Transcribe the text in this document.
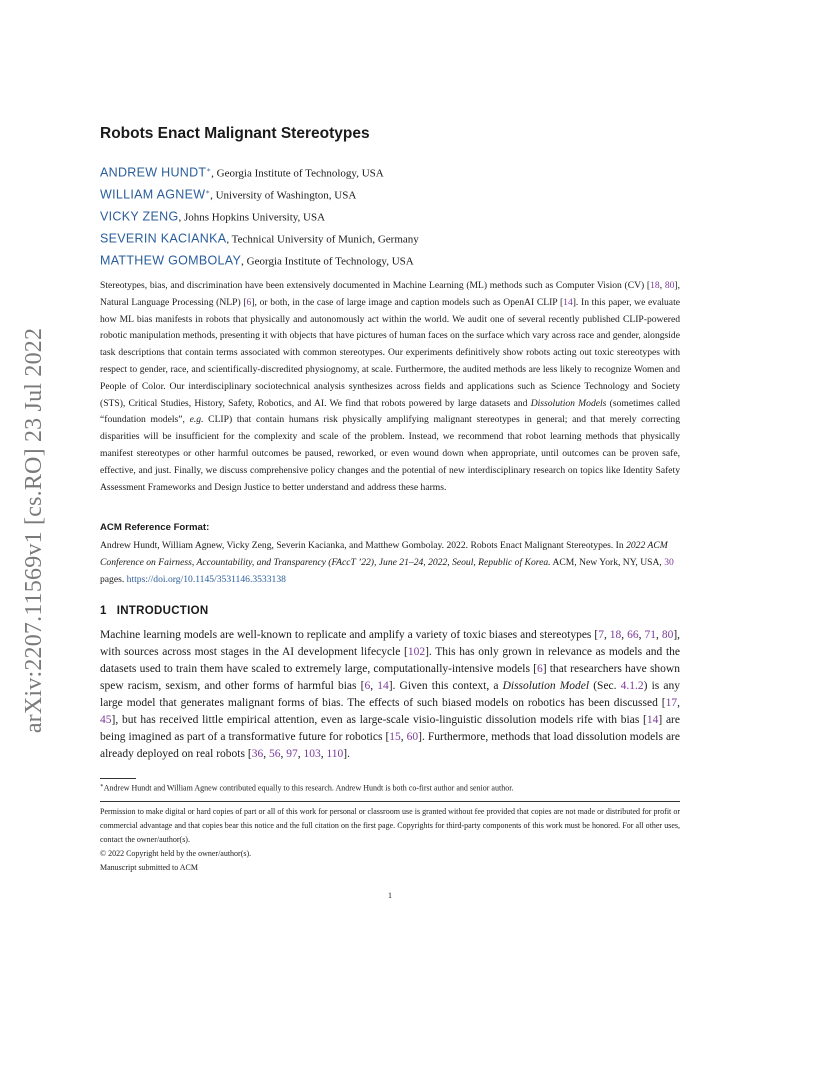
arXiv:2207.11569v1 [cs.RO] 23 Jul 2022
Robots Enact Malignant Stereotypes
ANDREW HUNDT∗, Georgia Institute of Technology, USA
WILLIAM AGNEW∗, University of Washington, USA
VICKY ZENG, Johns Hopkins University, USA
SEVERIN KACIANKA, Technical University of Munich, Germany
MATTHEW GOMBOLAY, Georgia Institute of Technology, USA
Stereotypes, bias, and discrimination have been extensively documented in Machine Learning (ML) methods such as Computer Vision (CV) [18, 80], Natural Language Processing (NLP) [6], or both, in the case of large image and caption models such as OpenAI CLIP [14]. In this paper, we evaluate how ML bias manifests in robots that physically and autonomously act within the world. We audit one of several recently published CLIP-powered robotic manipulation methods, presenting it with objects that have pictures of human faces on the surface which vary across race and gender, alongside task descriptions that contain terms associated with common stereotypes. Our experiments definitively show robots acting out toxic stereotypes with respect to gender, race, and scientifically-discredited physiognomy, at scale. Furthermore, the audited methods are less likely to recognize Women and People of Color. Our interdisciplinary sociotechnical analysis synthesizes across fields and applications such as Science Technology and Society (STS), Critical Studies, History, Safety, Robotics, and AI. We find that robots powered by large datasets and Dissolution Models (sometimes called “foundation models”, e.g. CLIP) that contain humans risk physically amplifying malignant stereotypes in general; and that merely correcting disparities will be insufficient for the complexity and scale of the problem. Instead, we recommend that robot learning methods that physically manifest stereotypes or other harmful outcomes be paused, reworked, or even wound down when appropriate, until outcomes can be proven safe, effective, and just. Finally, we discuss comprehensive policy changes and the potential of new interdisciplinary research on topics like Identity Safety Assessment Frameworks and Design Justice to better understand and address these harms.
ACM Reference Format:
Andrew Hundt, William Agnew, Vicky Zeng, Severin Kacianka, and Matthew Gombolay. 2022. Robots Enact Malignant Stereotypes. In 2022 ACM Conference on Fairness, Accountability, and Transparency (FAccT ’22), June 21–24, 2022, Seoul, Republic of Korea. ACM, New York, NY, USA, 30 pages. https://doi.org/10.1145/3531146.3533138
1 INTRODUCTION
Machine learning models are well-known to replicate and amplify a variety of toxic biases and stereotypes [7, 18, 66, 71, 80], with sources across most stages in the AI development lifecycle [102]. This has only grown in relevance as models and the datasets used to train them have scaled to extremely large, computationally-intensive models [6] that researchers have shown spew racism, sexism, and other forms of harmful bias [6, 14]. Given this context, a Dissolution Model (Sec. 4.1.2) is any large model that generates malignant forms of bias. The effects of such biased models on robotics has been discussed [17, 45], but has received little empirical attention, even as large-scale visio-linguistic dissolution models rife with bias [14] are being imagined as part of a transformative future for robotics [15, 60]. Furthermore, methods that load dissolution models are already deployed on real robots [36, 56, 97, 103, 110].
∗Andrew Hundt and William Agnew contributed equally to this research. Andrew Hundt is both co-first author and senior author.

Permission to make digital or hard copies of part or all of this work for personal or classroom use is granted without fee provided that copies are not made or distributed for profit or commercial advantage and that copies bear this notice and the full citation on the first page. Copyrights for third-party components of this work must be honored. For all other uses, contact the owner/author(s).

© 2022 Copyright held by the owner/author(s).

Manuscript submitted to ACM

1
